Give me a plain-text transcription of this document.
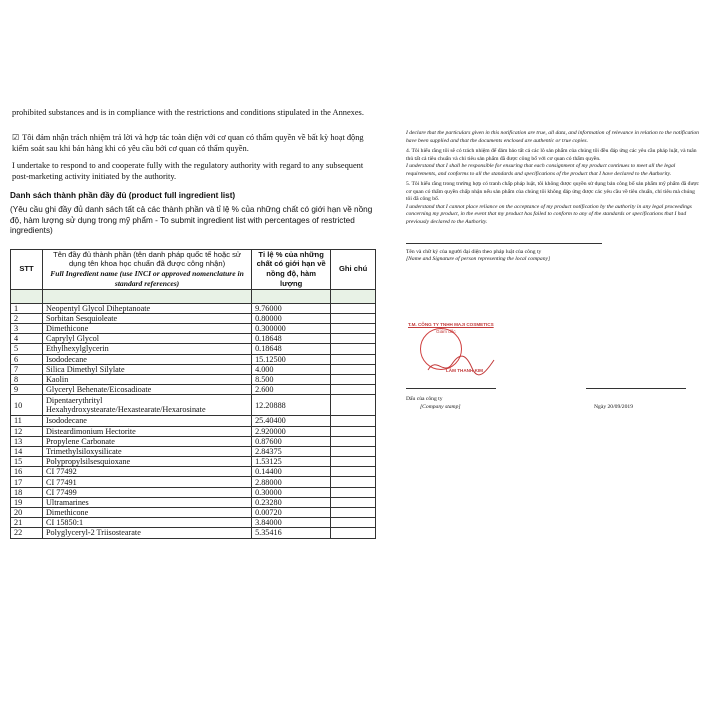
prohibited substances and is in compliance with the restrictions and conditions stipulated in the Annexes.

☑ Tôi đảm nhận trách nhiệm trả lời và hợp tác toàn diện với cơ quan có thẩm quyền về bất kỳ hoạt động kiểm soát sau khi bán hàng khi có yêu cầu bởi cơ quan có thẩm quyền.

I undertake to respond to and cooperate fully with the regulatory authority with regard to any subsequent post-marketing activity initiated by the authority.

Danh sách thành phần đầy đủ (product full ingredient list)

(Yêu cầu ghi đầy đủ danh sách tất cả các thành phần và tỉ lệ % của những chất có giới hạn về nồng độ, hàm lượng sử dụng trong mỹ phẩm - To submit ingredient list with percentages of restricted ingredients)

STT	Tên đầy đủ thành phần (tên danh pháp quốc tế hoặc sử dụng tên khoa học chuẩn đã được công nhận)
Full Ingredient name (use INCI or approved nomenclature in standard references)	Tỉ lệ % của những chất có giới hạn về nồng độ, hàm lượng	Ghi chú

1	Neopentyl Glycol Diheptanoate	9.76000	
2	Sorbitan Sesquioleate	0.80000	
3	Dimethicone	0.300000	
4	Caprylyl Glycol	0.18648	
5	Ethylhexylglycerin	0.18648	
6	Isododecane	15.12500	
7	Silica Dimethyl Silylate	4.000	
8	Kaolin	8.500	
9	Glyceryl Behenate/Eicosadioate	2.600	
10	Dipentaerythrityl Hexahydroxystearate/Hexastearate/Hexarosinate	12.20888	
11	Isododecane	25.40400	
12	Disteardimonium Hectorite	2.920000	
13	Propylene Carbonate	0.87600	
14	Trimethylsiloxysilicate	2.84375	
15	Polypropylsilsesquioxane	1.53125	
16	CI 77492	0.14400	
17	CI 77491	2.88000	
18	CI 77499	0.30000	
19	Ultramarines	0.23280	
20	Dimethicone	0.00720	
21	CI 15850:1	3.84000	
22	Polyglyceryl-2 Triisostearate	5.35416	

I declare that the particulars given in this notification are true, all data, and information of relevance in relation to the notification have been supplied and that the documents enclosed are authentic or true copies.

4. Tôi hiểu rằng tôi sẽ có trách nhiệm để đảm bảo tất cả các lô sản phẩm của chúng tôi đều đáp ứng các yêu cầu pháp luật, và tuân thủ tất cả tiêu chuẩn và chỉ tiêu sản phẩm đã được công bố với cơ quan có thẩm quyền.

I understand that I shall be responsible for ensuring that each consignment of my product continues to meet all the legal requirements, and conforms to all the standards and specifications of the product that I have declared to the Authority.

5. Tôi hiểu rằng trong trường hợp có tranh chấp pháp luật, tôi không được quyền sử dụng bản công bố sản phẩm mỹ phẩm đã được cơ quan có thẩm quyền chấp nhận nếu sản phẩm của chúng tôi không đáp ứng được các yêu cầu về tiêu chuẩn, chỉ tiêu mà chúng tôi đã công bố.

I understand that I cannot place reliance on the acceptance of my product notification by the authority in any legal proceedings concerning my product, in the event that my product has failed to conform to any of the standards or specifications that I had previously declared to the Authority.

Tên và chữ ký của người đại diện theo pháp luật của công ty

[Name and Signature of person representing the local company]

T.M. CÔNG TY TNHH MAJI COSMETICS
Giám đốc
LÂM THANH KIM

Dấu của công ty

[Company stamp]	Ngày 20/09/2019
